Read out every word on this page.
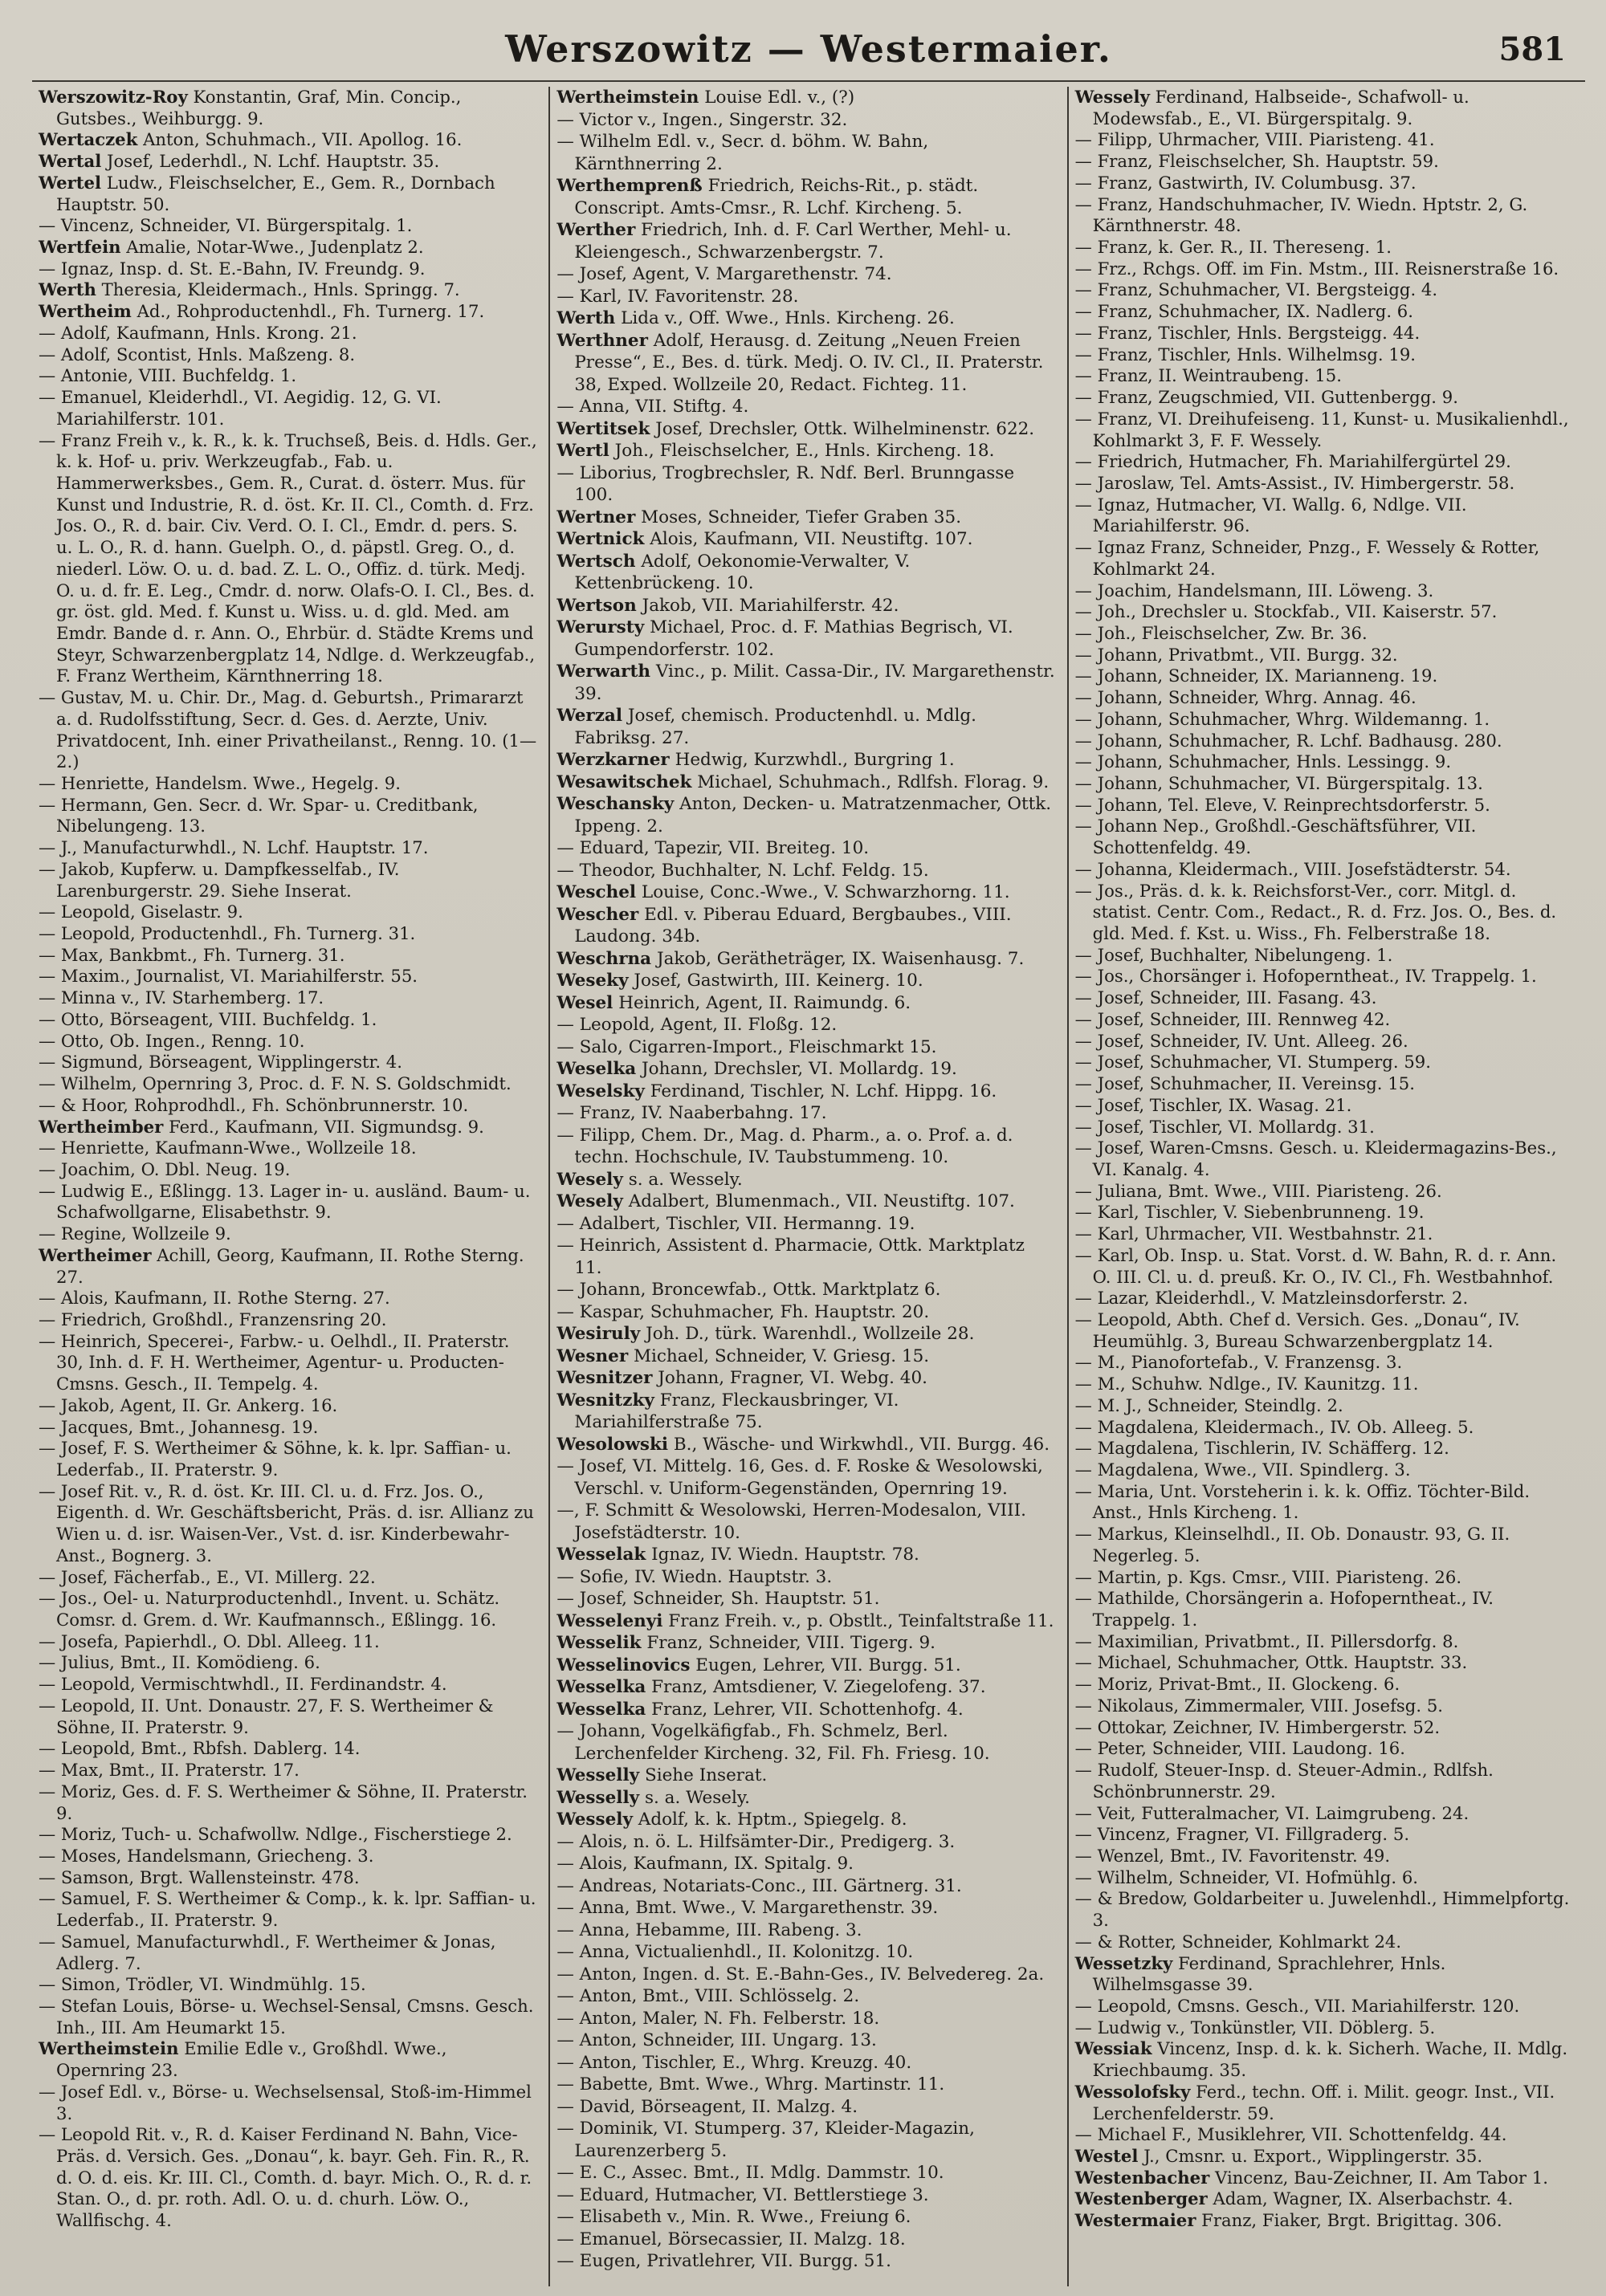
Werszowitz — Westermaier.	581

Werszowitz-Roy Konstantin, Graf, Min. Concip., Gutsbes., Weihburgg. 9.

Wertaczek Anton, Schuhmach., VII. Apollog. 16.

Wertal Josef, Lederhdl., N. Lchf. Hauptstr. 35.

Wertel Ludw., Fleischselcher, E., Gem. R., Dornbach Hauptstr. 50.

— Vincenz, Schneider, VI. Bürgerspitalg. 1.

Wertfein Amalie, Notar-Wwe., Judenplatz 2.

— Ignaz, Insp. d. St. E.-Bahn, IV. Freundg. 9.

Werth Theresia, Kleidermach., Hnls. Springg. 7.

Wertheim Ad., Rohproductenhdl., Fh. Turnerg. 17.

— Adolf, Kaufmann, Hnls. Krong. 21.

— Adolf, Scontist, Hnls. Maßzeng. 8.

— Antonie, VIII. Buchfeldg. 1.

— Emanuel, Kleiderhdl., VI. Aegidig. 12, G. VI. Mariahilferstr. 101.

— Franz Freih v., k. R., k. k. Truchseß, Beis. d. Hdls. Ger., k. k. Hof- u. priv. Werkzeugfab., Fab. u. Hammerwerksbes., Gem. R., Curat. d. österr. Mus. für Kunst und Industrie, R. d. öst. Kr. II. Cl., Comth. d. Frz. Jos. O., R. d. bair. Civ. Verd. O. I. Cl., Emdr. d. pers. S. u. L. O., R. d. hann. Guelph. O., d. päpstl. Greg. O., d. niederl. Löw. O. u. d. bad. Z. L. O., Offiz. d. türk. Medj. O. u. d. fr. E. Leg., Cmdr. d. norw. Olafs-O. I. Cl., Bes. d. gr. öst. gld. Med. f. Kunst u. Wiss. u. d. gld. Med. am Emdr. Bande d. r. Ann. O., Ehrbür. d. Städte Krems und Steyr, Schwarzenbergplatz 14, Ndlge. d. Werkzeugfab., F. Franz Wertheim, Kärnthnerring 18.

— Gustav, M. u. Chir. Dr., Mag. d. Geburtsh., Primararzt a. d. Rudolfsstiftung, Secr. d. Ges. d. Aerzte, Univ. Privatdocent, Inh. einer Privatheilanst., Renng. 10. (1—2.)

— Henriette, Handelsm. Wwe., Hegelg. 9.

— Hermann, Gen. Secr. d. Wr. Spar- u. Creditbank, Nibelungeng. 13.

— J., Manufacturwhdl., N. Lchf. Hauptstr. 17.

— Jakob, Kupferw. u. Dampfkesselfab., IV. Larenburgerstr. 29. Siehe Inserat.

— Leopold, Giselastr. 9.

— Leopold, Productenhdl., Fh. Turnerg. 31.

— Max, Bankbmt., Fh. Turnerg. 31.

— Maxim., Journalist, VI. Mariahilferstr. 55.

— Minna v., IV. Starhemberg. 17.

— Otto, Börseagent, VIII. Buchfeldg. 1.

— Otto, Ob. Ingen., Renng. 10.

— Sigmund, Börseagent, Wipplingerstr. 4.

— Wilhelm, Opernring 3, Proc. d. F. N. S. Goldschmidt.

— & Hoor, Rohprodhdl., Fh. Schönbrunnerstr. 10.

Wertheimber Ferd., Kaufmann, VII. Sigmundsg. 9.

— Henriette, Kaufmann-Wwe., Wollzeile 18.

— Joachim, O. Dbl. Neug. 19.

— Ludwig E., Eßlingg. 13. Lager in- u. ausländ. Baum- u. Schafwollgarne, Elisabethstr. 9.

— Regine, Wollzeile 9.

Wertheimer Achill, Georg, Kaufmann, II. Rothe Sterng. 27.

— Alois, Kaufmann, II. Rothe Sterng. 27.

— Friedrich, Großhdl., Franzensring 20.

— Heinrich, Specerei-, Farbw.- u. Oelhdl., II. Praterstr. 30, Inh. d. F. H. Wertheimer, Agentur- u. Producten-Cmsns. Gesch., II. Tempelg. 4.

— Jakob, Agent, II. Gr. Ankerg. 16.

— Jacques, Bmt., Johannesg. 19.

— Josef, F. S. Wertheimer & Söhne, k. k. lpr. Saffian- u. Lederfab., II. Praterstr. 9.

— Josef Rit. v., R. d. öst. Kr. III. Cl. u. d. Frz. Jos. O., Eigenth. d. Wr. Geschäftsbericht, Präs. d. isr. Allianz zu Wien u. d. isr. Waisen-Ver., Vst. d. isr. Kinderbewahr-Anst., Bognerg. 3.

— Josef, Fächerfab., E., VI. Millerg. 22.

— Jos., Oel- u. Naturproductenhdl., Invent. u. Schätz. Comsr. d. Grem. d. Wr. Kaufmannsch., Eßlingg. 16.

— Josefa, Papierhdl., O. Dbl. Alleeg. 11.

— Julius, Bmt., II. Komödieng. 6.

— Leopold, Vermischtwhdl., II. Ferdinandstr. 4.

— Leopold, II. Unt. Donaustr. 27, F. S. Wertheimer & Söhne, II. Praterstr. 9.

— Leopold, Bmt., Rbfsh. Dablerg. 14.

— Max, Bmt., II. Praterstr. 17.

— Moriz, Ges. d. F. S. Wertheimer & Söhne, II. Praterstr. 9.

— Moriz, Tuch- u. Schafwollw. Ndlge., Fischerstiege 2.

— Moses, Handelsmann, Griecheng. 3.

— Samson, Brgt. Wallensteinstr. 478.

— Samuel, F. S. Wertheimer & Comp., k. k. lpr. Saffian- u. Lederfab., II. Praterstr. 9.

— Samuel, Manufacturwhdl., F. Wertheimer & Jonas, Adlerg. 7.

— Simon, Trödler, VI. Windmühlg. 15.

— Stefan Louis, Börse- u. Wechsel-Sensal, Cmsns. Gesch. Inh., III. Am Heumarkt 15.

Wertheimstein Emilie Edle v., Großhdl. Wwe., Opernring 23.

— Josef Edl. v., Börse- u. Wechselsensal, Stoß-im-Himmel 3.

— Leopold Rit. v., R. d. Kaiser Ferdinand N. Bahn, Vice-Präs. d. Versich. Ges. „Donau“, k. bayr. Geh. Fin. R., R. d. O. d. eis. Kr. III. Cl., Comth. d. bayr. Mich. O., R. d. r. Stan. O., d. pr. roth. Adl. O. u. d. churh. Löw. O., Wallfischg. 4.

Wertheimstein Louise Edl. v., (?)

— Victor v., Ingen., Singerstr. 32.

— Wilhelm Edl. v., Secr. d. böhm. W. Bahn, Kärnthnerring 2.

Werthemprenß Friedrich, Reichs-Rit., p. städt. Conscript. Amts-Cmsr., R. Lchf. Kircheng. 5.

Werther Friedrich, Inh. d. F. Carl Werther, Mehl- u. Kleiengesch., Schwarzenbergstr. 7.

— Josef, Agent, V. Margarethenstr. 74.

— Karl, IV. Favoritenstr. 28.

Werth Lida v., Off. Wwe., Hnls. Kircheng. 26.

Werthner Adolf, Herausg. d. Zeitung „Neuen Freien Presse“, E., Bes. d. türk. Medj. O. IV. Cl., II. Praterstr. 38, Exped. Wollzeile 20, Redact. Fichteg. 11.

— Anna, VII. Stiftg. 4.

Wertitsek Josef, Drechsler, Ottk. Wilhelminenstr. 622.

Wertl Joh., Fleischselcher, E., Hnls. Kircheng. 18.

— Liborius, Trogbrechsler, R. Ndf. Berl. Brunngasse 100.

Wertner Moses, Schneider, Tiefer Graben 35.

Wertnick Alois, Kaufmann, VII. Neustiftg. 107.

Wertsch Adolf, Oekonomie-Verwalter, V. Kettenbrückeng. 10.

Wertson Jakob, VII. Mariahilferstr. 42.

Werursty Michael, Proc. d. F. Mathias Begrisch, VI. Gumpendorferstr. 102.

Werwarth Vinc., p. Milit. Cassa-Dir., IV. Margarethenstr. 39.

Werzal Josef, chemisch. Productenhdl. u. Mdlg. Fabriksg. 27.

Werzkarner Hedwig, Kurzwhdl., Burgring 1.

Wesawitschek Michael, Schuhmach., Rdlfsh. Florag. 9.

Weschansky Anton, Decken- u. Matratzenmacher, Ottk. Ippeng. 2.

— Eduard, Tapezir, VII. Breiteg. 10.

— Theodor, Buchhalter, N. Lchf. Feldg. 15.

Weschel Louise, Conc.-Wwe., V. Schwarzhorng. 11.

Wescher Edl. v. Piberau Eduard, Bergbaubes., VIII. Laudong. 34b.

Weschrna Jakob, Gerätheträger, IX. Waisenhausg. 7.

Weseky Josef, Gastwirth, III. Keinerg. 10.

Wesel Heinrich, Agent, II. Raimundg. 6.

— Leopold, Agent, II. Floßg. 12.

— Salo, Cigarren-Import., Fleischmarkt 15.

Weselka Johann, Drechsler, VI. Mollardg. 19.

Weselsky Ferdinand, Tischler, N. Lchf. Hippg. 16.

— Franz, IV. Naaberbahng. 17.

— Filipp, Chem. Dr., Mag. d. Pharm., a. o. Prof. a. d. techn. Hochschule, IV. Taubstummeng. 10.

Wesely s. a. Wessely.

Wesely Adalbert, Blumenmach., VII. Neustiftg. 107.

— Adalbert, Tischler, VII. Hermanng. 19.

— Heinrich, Assistent d. Pharmacie, Ottk. Marktplatz 11.

— Johann, Broncewfab., Ottk. Marktplatz 6.

— Kaspar, Schuhmacher, Fh. Hauptstr. 20.

Wesiruly Joh. D., türk. Warenhdl., Wollzeile 28.

Wesner Michael, Schneider, V. Griesg. 15.

Wesnitzer Johann, Fragner, VI. Webg. 40.

Wesnitzky Franz, Fleckausbringer, VI. Mariahilferstraße 75.

Wesolowski B., Wäsche- und Wirkwhdl., VII. Burgg. 46.

— Josef, VI. Mittelg. 16, Ges. d. F. Roske & Wesolowski, Verschl. v. Uniform-Gegenständen, Opernring 19.

—, F. Schmitt & Wesolowski, Herren-Modesalon, VIII. Josefstädterstr. 10.

Wesselak Ignaz, IV. Wiedn. Hauptstr. 78.

— Sofie, IV. Wiedn. Hauptstr. 3.

— Josef, Schneider, Sh. Hauptstr. 51.

Wesselenyi Franz Freih. v., p. Obstlt., Teinfaltstraße 11.

Wesselik Franz, Schneider, VIII. Tigerg. 9.

Wesselinovics Eugen, Lehrer, VII. Burgg. 51.

Wesselka Franz, Amtsdiener, V. Ziegelofeng. 37.

Wesselka Franz, Lehrer, VII. Schottenhofg. 4.

— Johann, Vogelkäfigfab., Fh. Schmelz, Berl. Lerchenfelder Kircheng. 32, Fil. Fh. Friesg. 10.

Wesselly Siehe Inserat.

Wesselly s. a. Wesely.

Wessely Adolf, k. k. Hptm., Spiegelg. 8.

— Alois, n. ö. L. Hilfsämter-Dir., Predigerg. 3.

— Alois, Kaufmann, IX. Spitalg. 9.

— Andreas, Notariats-Conc., III. Gärtnerg. 31.

— Anna, Bmt. Wwe., V. Margarethenstr. 39.

— Anna, Hebamme, III. Rabeng. 3.

— Anna, Victualienhdl., II. Kolonitzg. 10.

— Anton, Ingen. d. St. E.-Bahn-Ges., IV. Belvedereg. 2a.

— Anton, Bmt., VIII. Schlösselg. 2.

— Anton, Maler, N. Fh. Felberstr. 18.

— Anton, Schneider, III. Ungarg. 13.

— Anton, Tischler, E., Whrg. Kreuzg. 40.

— Babette, Bmt. Wwe., Whrg. Martinstr. 11.

— David, Börseagent, II. Malzg. 4.

— Dominik, VI. Stumperg. 37, Kleider-Magazin, Laurenzerberg 5.

— E. C., Assec. Bmt., II. Mdlg. Dammstr. 10.

— Eduard, Hutmacher, VI. Bettlerstiege 3.

— Elisabeth v., Min. R. Wwe., Freiung 6.

— Emanuel, Börsecassier, II. Malzg. 18.

— Eugen, Privatlehrer, VII. Burgg. 51.

Wessely Ferdinand, Halbseide-, Schafwoll- u. Modewsfab., E., VI. Bürgerspitalg. 9.

— Filipp, Uhrmacher, VIII. Piaristeng. 41.

— Franz, Fleischselcher, Sh. Hauptstr. 59.

— Franz, Gastwirth, IV. Columbusg. 37.

— Franz, Handschuhmacher, IV. Wiedn. Hptstr. 2, G. Kärnthnerstr. 48.

— Franz, k. Ger. R., II. Thereseng. 1.

— Frz., Rchgs. Off. im Fin. Mstm., III. Reisnerstraße 16.

— Franz, Schuhmacher, VI. Bergsteigg. 4.

— Franz, Schuhmacher, IX. Nadlerg. 6.

— Franz, Tischler, Hnls. Bergsteigg. 44.

— Franz, Tischler, Hnls. Wilhelmsg. 19.

— Franz, II. Weintraubeng. 15.

— Franz, Zeugschmied, VII. Guttenbergg. 9.

— Franz, VI. Dreihufeiseng. 11, Kunst- u. Musikalienhdl., Kohlmarkt 3, F. F. Wessely.

— Friedrich, Hutmacher, Fh. Mariahilfergürtel 29.

— Jaroslaw, Tel. Amts-Assist., IV. Himbergerstr. 58.

— Ignaz, Hutmacher, VI. Wallg. 6, Ndlge. VII. Mariahilferstr. 96.

— Ignaz Franz, Schneider, Pnzg., F. Wessely & Rotter, Kohlmarkt 24.

— Joachim, Handelsmann, III. Löweng. 3.

— Joh., Drechsler u. Stockfab., VII. Kaiserstr. 57.

— Joh., Fleischselcher, Zw. Br. 36.

— Johann, Privatbmt., VII. Burgg. 32.

— Johann, Schneider, IX. Marianneng. 19.

— Johann, Schneider, Whrg. Annag. 46.

— Johann, Schuhmacher, Whrg. Wildemanng. 1.

— Johann, Schuhmacher, R. Lchf. Badhausg. 280.

— Johann, Schuhmacher, Hnls. Lessingg. 9.

— Johann, Schuhmacher, VI. Bürgerspitalg. 13.

— Johann, Tel. Eleve, V. Reinprechtsdorferstr. 5.

— Johann Nep., Großhdl.-Geschäftsführer, VII. Schottenfeldg. 49.

— Johanna, Kleidermach., VIII. Josefstädterstr. 54.

— Jos., Präs. d. k. k. Reichsforst-Ver., corr. Mitgl. d. statist. Centr. Com., Redact., R. d. Frz. Jos. O., Bes. d. gld. Med. f. Kst. u. Wiss., Fh. Felberstraße 18.

— Josef, Buchhalter, Nibelungeng. 1.

— Jos., Chorsänger i. Hofoperntheat., IV. Trappelg. 1.

— Josef, Schneider, III. Fasang. 43.

— Josef, Schneider, III. Rennweg 42.

— Josef, Schneider, IV. Unt. Alleeg. 26.

— Josef, Schuhmacher, VI. Stumperg. 59.

— Josef, Schuhmacher, II. Vereinsg. 15.

— Josef, Tischler, IX. Wasag. 21.

— Josef, Tischler, VI. Mollardg. 31.

— Josef, Waren-Cmsns. Gesch. u. Kleidermagazins-Bes., VI. Kanalg. 4.

— Juliana, Bmt. Wwe., VIII. Piaristeng. 26.

— Karl, Tischler, V. Siebenbrunneng. 19.

— Karl, Uhrmacher, VII. Westbahnstr. 21.

— Karl, Ob. Insp. u. Stat. Vorst. d. W. Bahn, R. d. r. Ann. O. III. Cl. u. d. preuß. Kr. O., IV. Cl., Fh. Westbahnhof.

— Lazar, Kleiderhdl., V. Matzleinsdorferstr. 2.

— Leopold, Abth. Chef d. Versich. Ges. „Donau“, IV. Heumühlg. 3, Bureau Schwarzenbergplatz 14.

— M., Pianofortefab., V. Franzensg. 3.

— M., Schuhw. Ndlge., IV. Kaunitzg. 11.

— M. J., Schneider, Steindlg. 2.

— Magdalena, Kleidermach., IV. Ob. Alleeg. 5.

— Magdalena, Tischlerin, IV. Schäfferg. 12.

— Magdalena, Wwe., VII. Spindlerg. 3.

— Maria, Unt. Vorsteherin i. k. k. Offiz. Töchter-Bild. Anst., Hnls Kircheng. 1.

— Markus, Kleinselhdl., II. Ob. Donaustr. 93, G. II. Negerleg. 5.

— Martin, p. Kgs. Cmsr., VIII. Piaristeng. 26.

— Mathilde, Chorsängerin a. Hofoperntheat., IV. Trappelg. 1.

— Maximilian, Privatbmt., II. Pillersdorfg. 8.

— Michael, Schuhmacher, Ottk. Hauptstr. 33.

— Moriz, Privat-Bmt., II. Glockeng. 6.

— Nikolaus, Zimmermaler, VIII. Josefsg. 5.

— Ottokar, Zeichner, IV. Himbergerstr. 52.

— Peter, Schneider, VIII. Laudong. 16.

— Rudolf, Steuer-Insp. d. Steuer-Admin., Rdlfsh. Schönbrunnerstr. 29.

— Veit, Futteralmacher, VI. Laimgrubeng. 24.

— Vincenz, Fragner, VI. Fillgraderg. 5.

— Wenzel, Bmt., IV. Favoritenstr. 49.

— Wilhelm, Schneider, VI. Hofmühlg. 6.

— & Bredow, Goldarbeiter u. Juwelenhdl., Himmelpfortg. 3.

— & Rotter, Schneider, Kohlmarkt 24.

Wessetzky Ferdinand, Sprachlehrer, Hnls. Wilhelmsgasse 39.

— Leopold, Cmsns. Gesch., VII. Mariahilferstr. 120.

— Ludwig v., Tonkünstler, VII. Döblerg. 5.

Wessiak Vincenz, Insp. d. k. k. Sicherh. Wache, II. Mdlg. Kriechbaumg. 35.

Wessolofsky Ferd., techn. Off. i. Milit. geogr. Inst., VII. Lerchenfelderstr. 59.

— Michael F., Musiklehrer, VII. Schottenfeldg. 44.

Westel J., Cmsnr. u. Export., Wipplingerstr. 35.

Westenbacher Vincenz, Bau-Zeichner, II. Am Tabor 1.

Westenberger Adam, Wagner, IX. Alserbachstr. 4.

Westermaier Franz, Fiaker, Brgt. Brigittag. 306.
